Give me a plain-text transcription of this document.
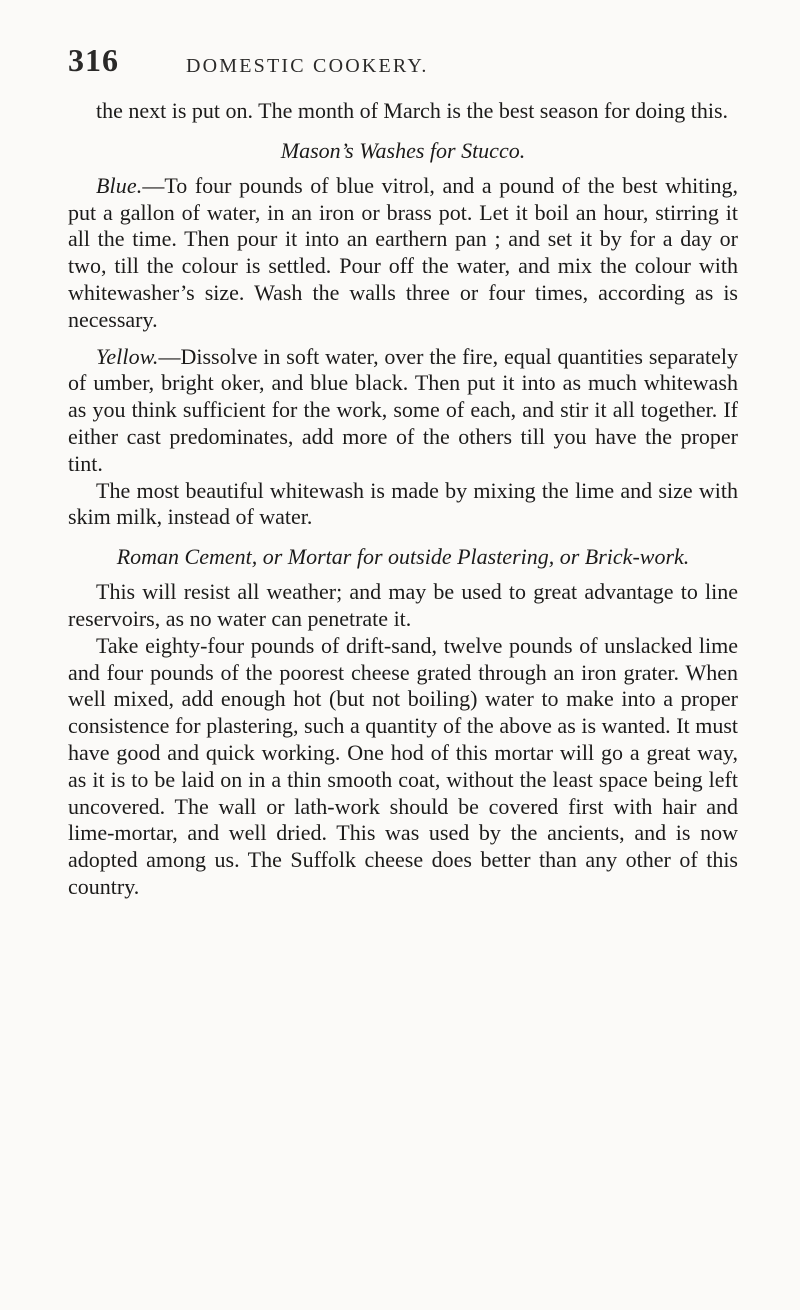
316	DOMESTIC COOKERY.

the next is put on. The month of March is the best season for doing this.

Mason’s Washes for Stucco.

Blue.—To four pounds of blue vitrol, and a pound of the best whiting, put a gallon of water, in an iron or brass pot. Let it boil an hour, stirring it all the time. Then pour it into an earthern pan ; and set it by for a day or two, till the colour is settled. Pour off the water, and mix the colour with whitewasher’s size. Wash the walls three or four times, according as is necessary.

Yellow.—Dissolve in soft water, over the fire, equal quantities separately of umber, bright oker, and blue black. Then put it into as much whitewash as you think sufficient for the work, some of each, and stir it all together. If either cast predominates, add more of the others till you have the proper tint.

The most beautiful whitewash is made by mixing the lime and size with skim milk, instead of water.

Roman Cement, or Mortar for outside Plastering, or Brick-work.

This will resist all weather; and may be used to great advantage to line reservoirs, as no water can penetrate it.

Take eighty-four pounds of drift-sand, twelve pounds of unslacked lime and four pounds of the poorest cheese grated through an iron grater. When well mixed, add enough hot (but not boiling) water to make into a proper consistence for plastering, such a quantity of the above as is wanted. It must have good and quick working. One hod of this mortar will go a great way, as it is to be laid on in a thin smooth coat, without the least space being left uncovered. The wall or lath-work should be covered first with hair and lime-mortar, and well dried. This was used by the ancients, and is now adopted among us. The Suffolk cheese does better than any other of this country.
